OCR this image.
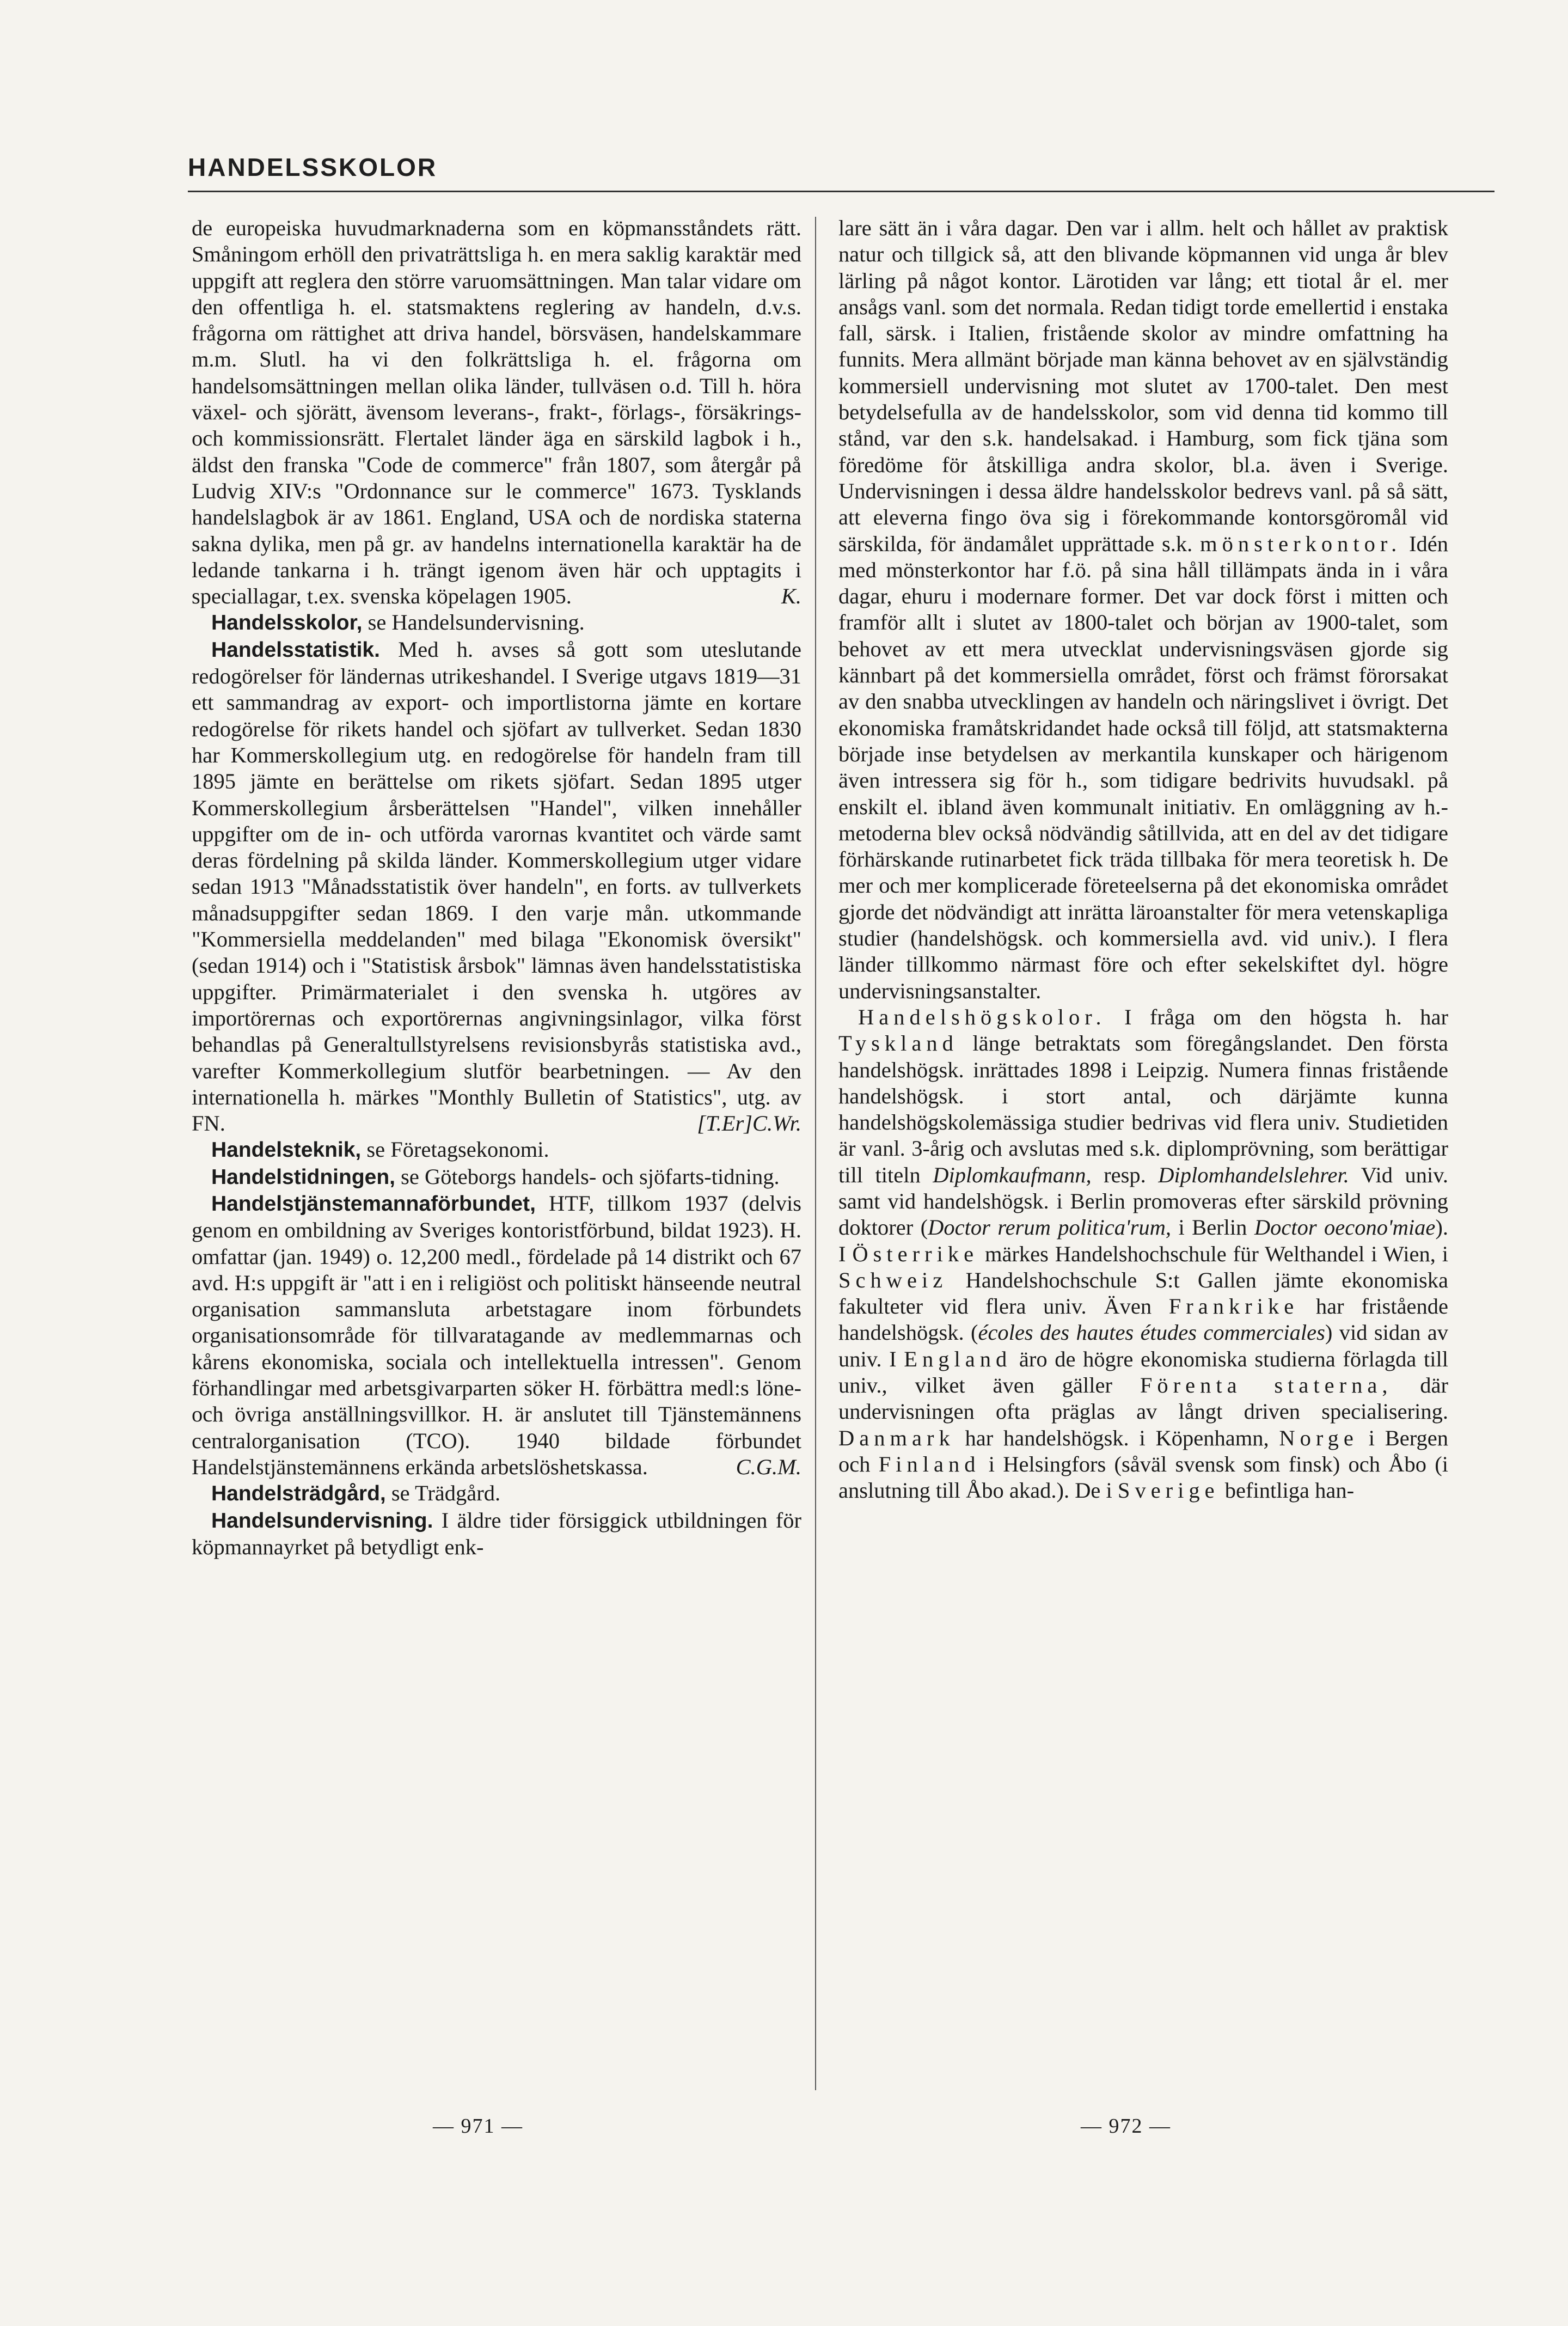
HANDELSSKOLOR

de europeiska huvudmarknaderna som en köpmansståndets rätt. Småningom erhöll den privaträttsliga h. en mera saklig karaktär med uppgift att reglera den större varuomsättningen. Man talar vidare om den offentliga h. el. statsmaktens reglering av handeln, d.v.s. frågorna om rättighet att driva handel, börsväsen, handelskammare m.m. Slutl. ha vi den folkrättsliga h. el. frågorna om handelsomsättningen mellan olika länder, tullväsen o.d. Till h. höra växel- och sjörätt, ävensom leverans-, frakt-, förlags-, försäkrings- och kommissionsrätt. Flertalet länder äga en särskild lagbok i h., äldst den franska "Code de commerce" från 1807, som återgår på Ludvig XIV:s "Ordonnance sur le commerce" 1673. Tysklands handelslagbok är av 1861. England, USA och de nordiska staterna sakna dylika, men på gr. av handelns internationella karaktär ha de ledande tankarna i h. trängt igenom även här och upptagits i speciallagar, t.ex. svenska köpelagen 1905.	K.

Handelsskolor, se Handelsundervisning.

Handelsstatistik. Med h. avses så gott som uteslutande redogörelser för ländernas utrikeshandel. I Sverige utgavs 1819—31 ett sammandrag av export- och importlistorna jämte en kortare redogörelse för rikets handel och sjöfart av tullverket. Sedan 1830 har Kommerskollegium utg. en redogörelse för handeln fram till 1895 jämte en berättelse om rikets sjöfart. Sedan 1895 utger Kommerskollegium årsberättelsen "Handel", vilken innehåller uppgifter om de in- och utförda varornas kvantitet och värde samt deras fördelning på skilda länder. Kommerskollegium utger vidare sedan 1913 "Månadsstatistik över handeln", en forts. av tullverkets månadsuppgifter sedan 1869. I den varje mån. utkommande "Kommersiella meddelanden" med bilaga "Ekonomisk översikt" (sedan 1914) och i "Statistisk årsbok" lämnas även handelsstatistiska uppgifter. Primärmaterialet i den svenska h. utgöres av importörernas och exportörernas angivningsinlagor, vilka först behandlas på Generaltullstyrelsens revisionsbyrås statistiska avd., varefter Kommerkollegium slutför bearbetningen. — Av den internationella h. märkes "Monthly Bulletin of Statistics", utg. av FN.	[T.Er]C.Wr.

Handelsteknik, se Företagsekonomi.

Handelstidningen, se Göteborgs handels- och sjöfarts-tidning.

Handelstjänstemannaförbundet, HTF, tillkom 1937 (delvis genom en ombildning av Sveriges kontoristförbund, bildat 1923). H. omfattar (jan. 1949) o. 12,200 medl., fördelade på 14 distrikt och 67 avd. H:s uppgift är "att i en i religiöst och politiskt hänseende neutral organisation sammansluta arbetstagare inom förbundets organisationsområde för tillvaratagande av medlemmarnas och kårens ekonomiska, sociala och intellektuella intressen". Genom förhandlingar med arbetsgivarparten söker H. förbättra medl:s löne- och övriga anställningsvillkor. H. är anslutet till Tjänstemännens centralorganisation (TCO). 1940 bildade förbundet Handelstjänstemännens erkända arbetslöshetskassa.	C.G.M.

Handelsträdgård, se Trädgård.

Handelsundervisning. I äldre tider försiggick utbildningen för köpmannayrket på betydligt enk-

lare sätt än i våra dagar. Den var i allm. helt och hållet av praktisk natur och tillgick så, att den blivande köpmannen vid unga år blev lärling på något kontor. Lärotiden var lång; ett tiotal år el. mer ansågs vanl. som det normala. Redan tidigt torde emellertid i enstaka fall, särsk. i Italien, fristående skolor av mindre omfattning ha funnits. Mera allmänt började man känna behovet av en självständig kommersiell undervisning mot slutet av 1700-talet. Den mest betydelsefulla av de handelsskolor, som vid denna tid kommo till stånd, var den s.k. handelsakad. i Hamburg, som fick tjäna som föredöme för åtskilliga andra skolor, bl.a. även i Sverige. Undervisningen i dessa äldre handelsskolor bedrevs vanl. på så sätt, att eleverna fingo öva sig i förekommande kontorsgöromål vid särskilda, för ändamålet upprättade s.k. mönsterkontor. Idén med mönsterkontor har f.ö. på sina håll tillämpats ända in i våra dagar, ehuru i modernare former. Det var dock först i mitten och framför allt i slutet av 1800-talet och början av 1900-talet, som behovet av ett mera utvecklat undervisningsväsen gjorde sig kännbart på det kommersiella området, först och främst förorsakat av den snabba utvecklingen av handeln och näringslivet i övrigt. Det ekonomiska framåtskridandet hade också till följd, att statsmakterna började inse betydelsen av merkantila kunskaper och härigenom även intressera sig för h., som tidigare bedrivits huvudsakl. på enskilt el. ibland även kommunalt initiativ. En omläggning av h.-metoderna blev också nödvändig såtillvida, att en del av det tidigare förhärskande rutinarbetet fick träda tillbaka för mera teoretisk h. De mer och mer komplicerade företeelserna på det ekonomiska området gjorde det nödvändigt att inrätta läroanstalter för mera vetenskapliga studier (handelshögsk. och kommersiella avd. vid univ.). I flera länder tillkommo närmast före och efter sekelskiftet dyl. högre undervisningsanstalter.

Handelshögskolor. I fråga om den högsta h. har Tyskland länge betraktats som föregångslandet. Den första handelshögsk. inrättades 1898 i Leipzig. Numera finnas fristående handelshögsk. i stort antal, och därjämte kunna handelshögskolemässiga studier bedrivas vid flera univ. Studietiden är vanl. 3-årig och avslutas med s.k. diplomprövning, som berättigar till titeln Diplomkaufmann, resp. Diplomhandelslehrer. Vid univ. samt vid handelshögsk. i Berlin promoveras efter särskild prövning doktorer (Doctor rerum politica'rum, i Berlin Doctor oecono'miae). I Österrike märkes Handelshochschule für Welthandel i Wien, i Schweiz Handelshochschule S:t Gallen jämte ekonomiska fakulteter vid flera univ. Även Frankrike har fristående handelshögsk. (écoles des hautes études commerciales) vid sidan av univ. I England äro de högre ekonomiska studierna förlagda till univ., vilket även gäller Förenta staterna, där undervisningen ofta präglas av långt driven specialisering. Danmark har handelshögsk. i Köpenhamn, Norge i Bergen och Finland i Helsingfors (såväl svensk som finsk) och Åbo (i anslutning till Åbo akad.). De i Sverige befintliga han-

— 971 —	— 972 —
